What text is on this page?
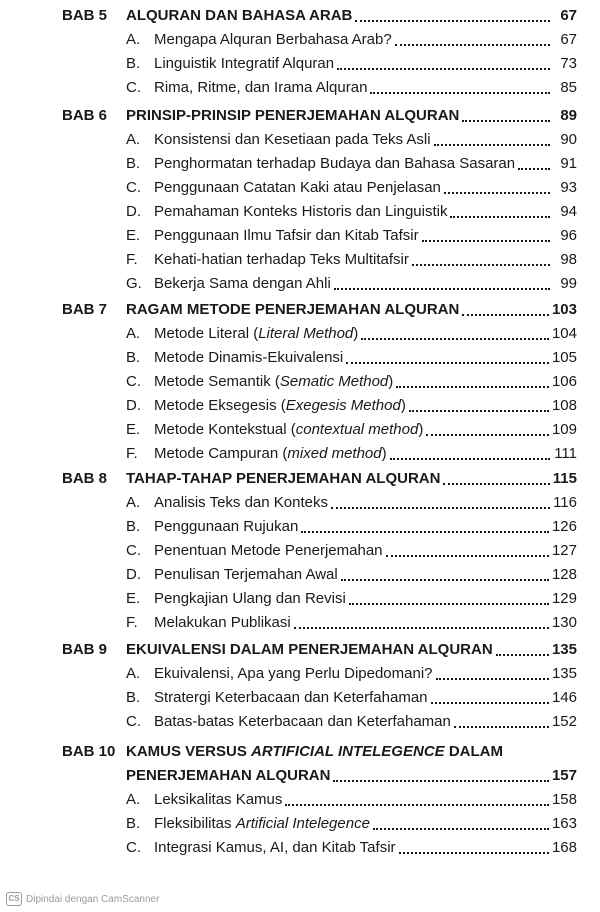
BAB 5 ALQURAN DAN BAHASA ARAB	67
A. Mengapa Alquran Berbahasa Arab?	67
B. Linguistik Integratif Alquran	73
C. Rima, Ritme, dan Irama Alquran	85
BAB 6 PRINSIP-PRINSIP PENERJEMAHAN ALQURAN	89
A. Konsistensi dan Kesetiaan pada Teks Asli	90
B. Penghormatan terhadap Budaya dan Bahasa Sasaran	91
C. Penggunaan Catatan Kaki atau Penjelasan	93
D. Pemahaman Konteks Historis dan Linguistik	94
E. Penggunaan Ilmu Tafsir dan Kitab Tafsir	96
F.	Kehati-hatian terhadap Teks Multitafsir	98
G. Bekerja Sama dengan Ahli	99
BAB 7 RAGAM METODE PENERJEMAHAN ALQURAN	103
A. Metode Literal (Literal Method)	104
B. Metode Dinamis-Ekuivalensi	105
C. Metode Semantik (Sematic Method)	106
D. Metode Eksegesis (Exegesis Method)	108
E. Metode Kontekstual (contextual method)	109
F.	Metode Campuran (mixed method)	111
BAB 8 TAHAP-TAHAP PENERJEMAHAN ALQURAN	115
A. Analisis Teks dan Konteks	116
B. Penggunaan Rujukan	126
C. Penentuan Metode Penerjemahan	127
D. Penulisan Terjemahan Awal	128
E. Pengkajian Ulang dan Revisi	129
F.	Melakukan Publikasi	130
BAB 9 EKUIVALENSI DALAM PENERJEMAHAN ALQURAN	135
A. Ekuivalensi, Apa yang Perlu Dipedomani?	135
B. Stratergi Keterbacaan dan Keterfahaman	146
C. Batas-batas Keterbacaan dan Keterfahaman	152
BAB 10 KAMUS VERSUS ARTIFICIAL INTELEGENCE DALAM
PENERJEMAHAN ALQURAN	157
A. Leksikalitas Kamus	158
B. Fleksibilitas Artificial Intelegence	163
C. Integrasi Kamus, AI, dan Kitab Tafsir	168
CS Dipindai dengan CamScanner
